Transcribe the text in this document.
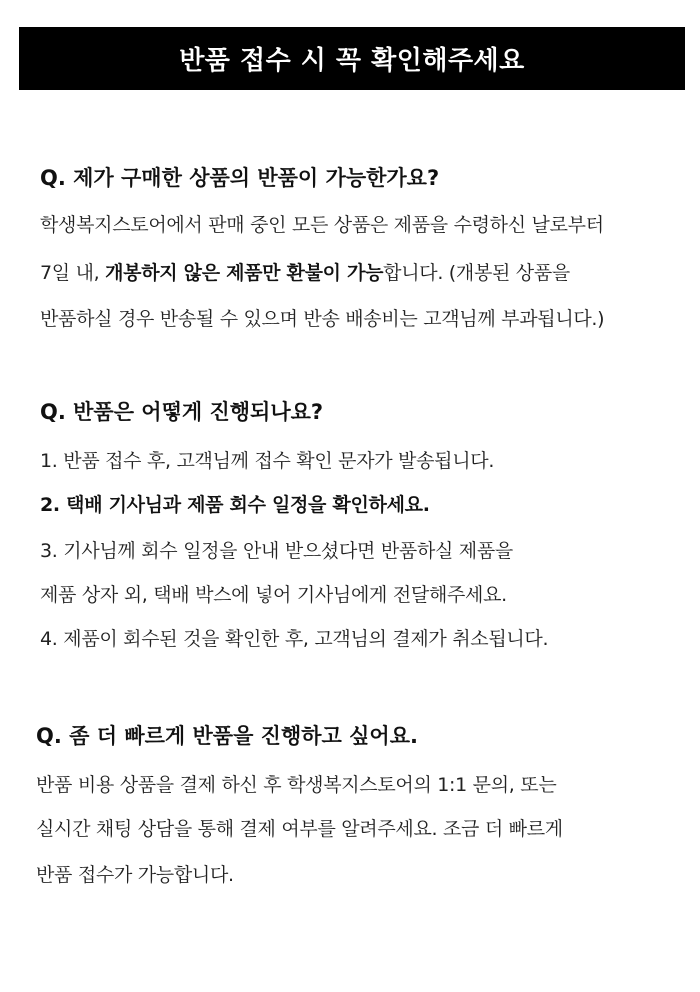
반품 접수 시 꼭 확인해주세요
Q. 제가 구매한 상품의 반품이 가능한가요?
학생복지스토어에서 판매 중인 모든 상품은 제품을 수령하신 날로부터
7일 내, 개봉하지 않은 제품만 환불이 가능합니다. (개봉된 상품을
반품하실 경우 반송될 수 있으며 반송 배송비는 고객님께 부과됩니다.)
Q. 반품은 어떻게 진행되나요?
1. 반품 접수 후, 고객님께 접수 확인 문자가 발송됩니다.
2. 택배 기사님과 제품 회수 일정을 확인하세요.
3. 기사님께 회수 일정을 안내 받으셨다면 반품하실 제품을
제품 상자 외, 택배 박스에 넣어 기사님에게 전달해주세요.
4. 제품이 회수된 것을 확인한 후, 고객님의 결제가 취소됩니다.
Q. 좀 더 빠르게 반품을 진행하고 싶어요.
반품 비용 상품을 결제 하신 후 학생복지스토어의 1:1 문의, 또는
실시간 채팅 상담을 통해 결제 여부를 알려주세요. 조금 더 빠르게
반품 접수가 가능합니다.
